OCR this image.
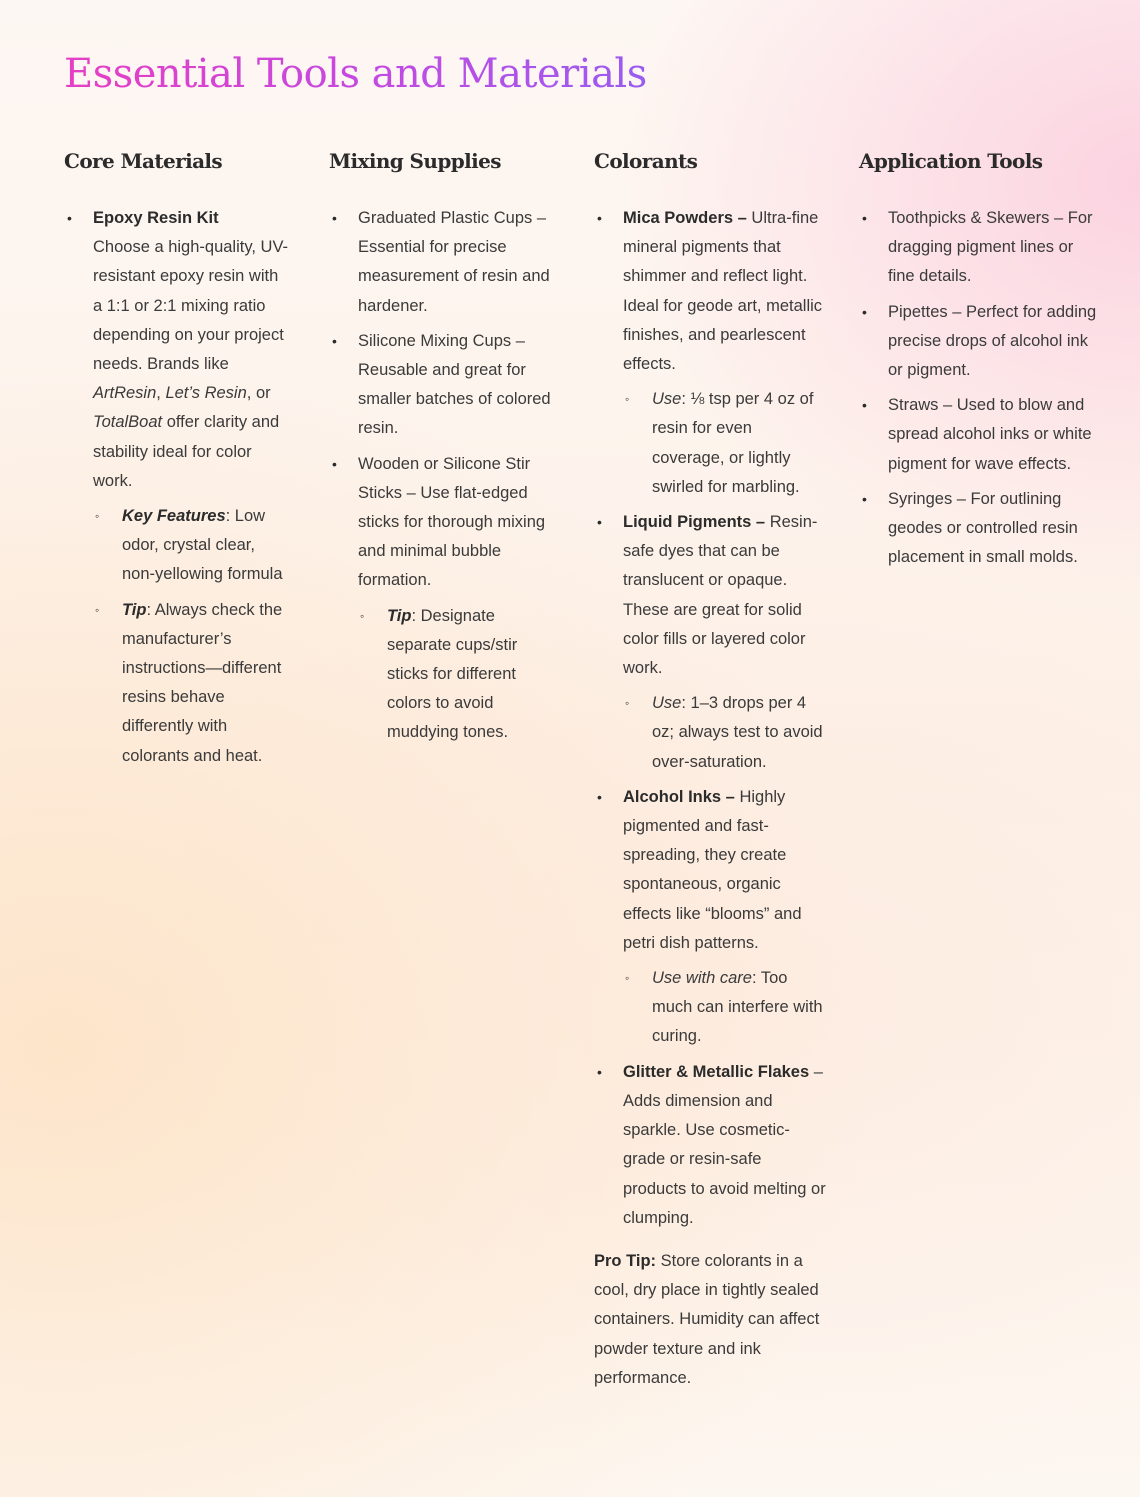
Essential Tools and Materials
Core Materials
• Epoxy Resin Kit
Choose a high-quality, UV-resistant epoxy resin with a 1:1 or 2:1 mixing ratio depending on your project needs. Brands like ArtResin, Let’s Resin, or TotalBoat offer clarity and stability ideal for color work.
◦ Key Features: Low odor, crystal clear, non-yellowing formula
◦ Tip: Always check the manufacturer’s instructions—different resins behave differently with colorants and heat.
Mixing Supplies
• Graduated Plastic Cups – Essential for precise measurement of resin and hardener.
• Silicone Mixing Cups – Reusable and great for smaller batches of colored resin.
• Wooden or Silicone Stir Sticks – Use flat-edged sticks for thorough mixing and minimal bubble formation.
◦ Tip: Designate separate cups/stir sticks for different colors to avoid muddying tones.
Colorants
• Mica Powders – Ultra-fine mineral pigments that shimmer and reflect light. Ideal for geode art, metallic finishes, and pearlescent effects.
◦ Use: ⅛ tsp per 4 oz of resin for even coverage, or lightly swirled for marbling.
• Liquid Pigments – Resin-safe dyes that can be translucent or opaque. These are great for solid color fills or layered color work.
◦ Use: 1–3 drops per 4 oz; always test to avoid over-saturation.
• Alcohol Inks – Highly pigmented and fast-spreading, they create spontaneous, organic effects like “blooms” and petri dish patterns.
◦ Use with care: Too much can interfere with curing.
• Glitter & Metallic Flakes – Adds dimension and sparkle. Use cosmetic-grade or resin-safe products to avoid melting or clumping.

Pro Tip: Store colorants in a cool, dry place in tightly sealed containers. Humidity can affect powder texture and ink performance.

Application Tools
• Toothpicks & Skewers – For dragging pigment lines or fine details.
• Pipettes – Perfect for adding precise drops of alcohol ink or pigment.
• Straws – Used to blow and spread alcohol inks or white pigment for wave effects.
• Syringes – For outlining geodes or controlled resin placement in small molds.
